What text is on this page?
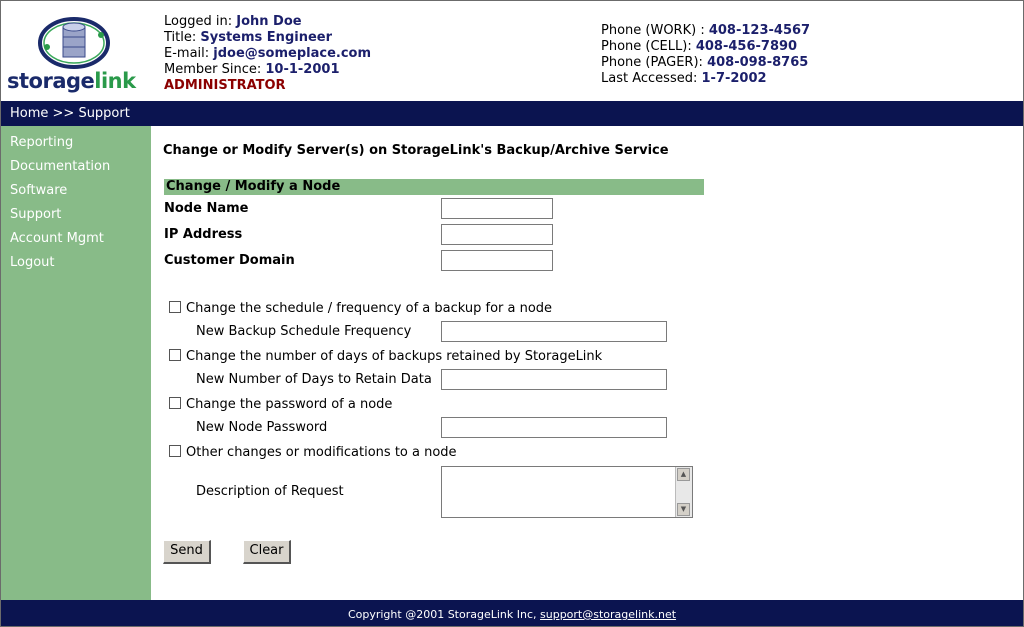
storagelink
Logged in: John Doe
Title: Systems Engineer
E-mail: jdoe@someplace.com
Member Since: 10-1-2001
ADMINISTRATOR
Phone (WORK) : 408-123-4567
Phone (CELL): 408-456-7890
Phone (PAGER): 408-098-8765
Last Accessed: 1-7-2002
Home >> Support
Reporting
Documentation
Software
Support
Account Mgmt
Logout
Change or Modify Server(s) on StorageLink's Backup/Archive Service
Change / Modify a Node
Node Name
IP Address
Customer Domain
Change the schedule / frequency of a backup for a node
New Backup Schedule Frequency
Change the number of days of backups retained by StorageLink
New Number of Days to Retain Data
Change the password of a node
New Node Password
Other changes or modifications to a node
Description of Request
▲
▼
Send	Clear
Copyright @2001 StorageLink Inc, support@storagelink.net
